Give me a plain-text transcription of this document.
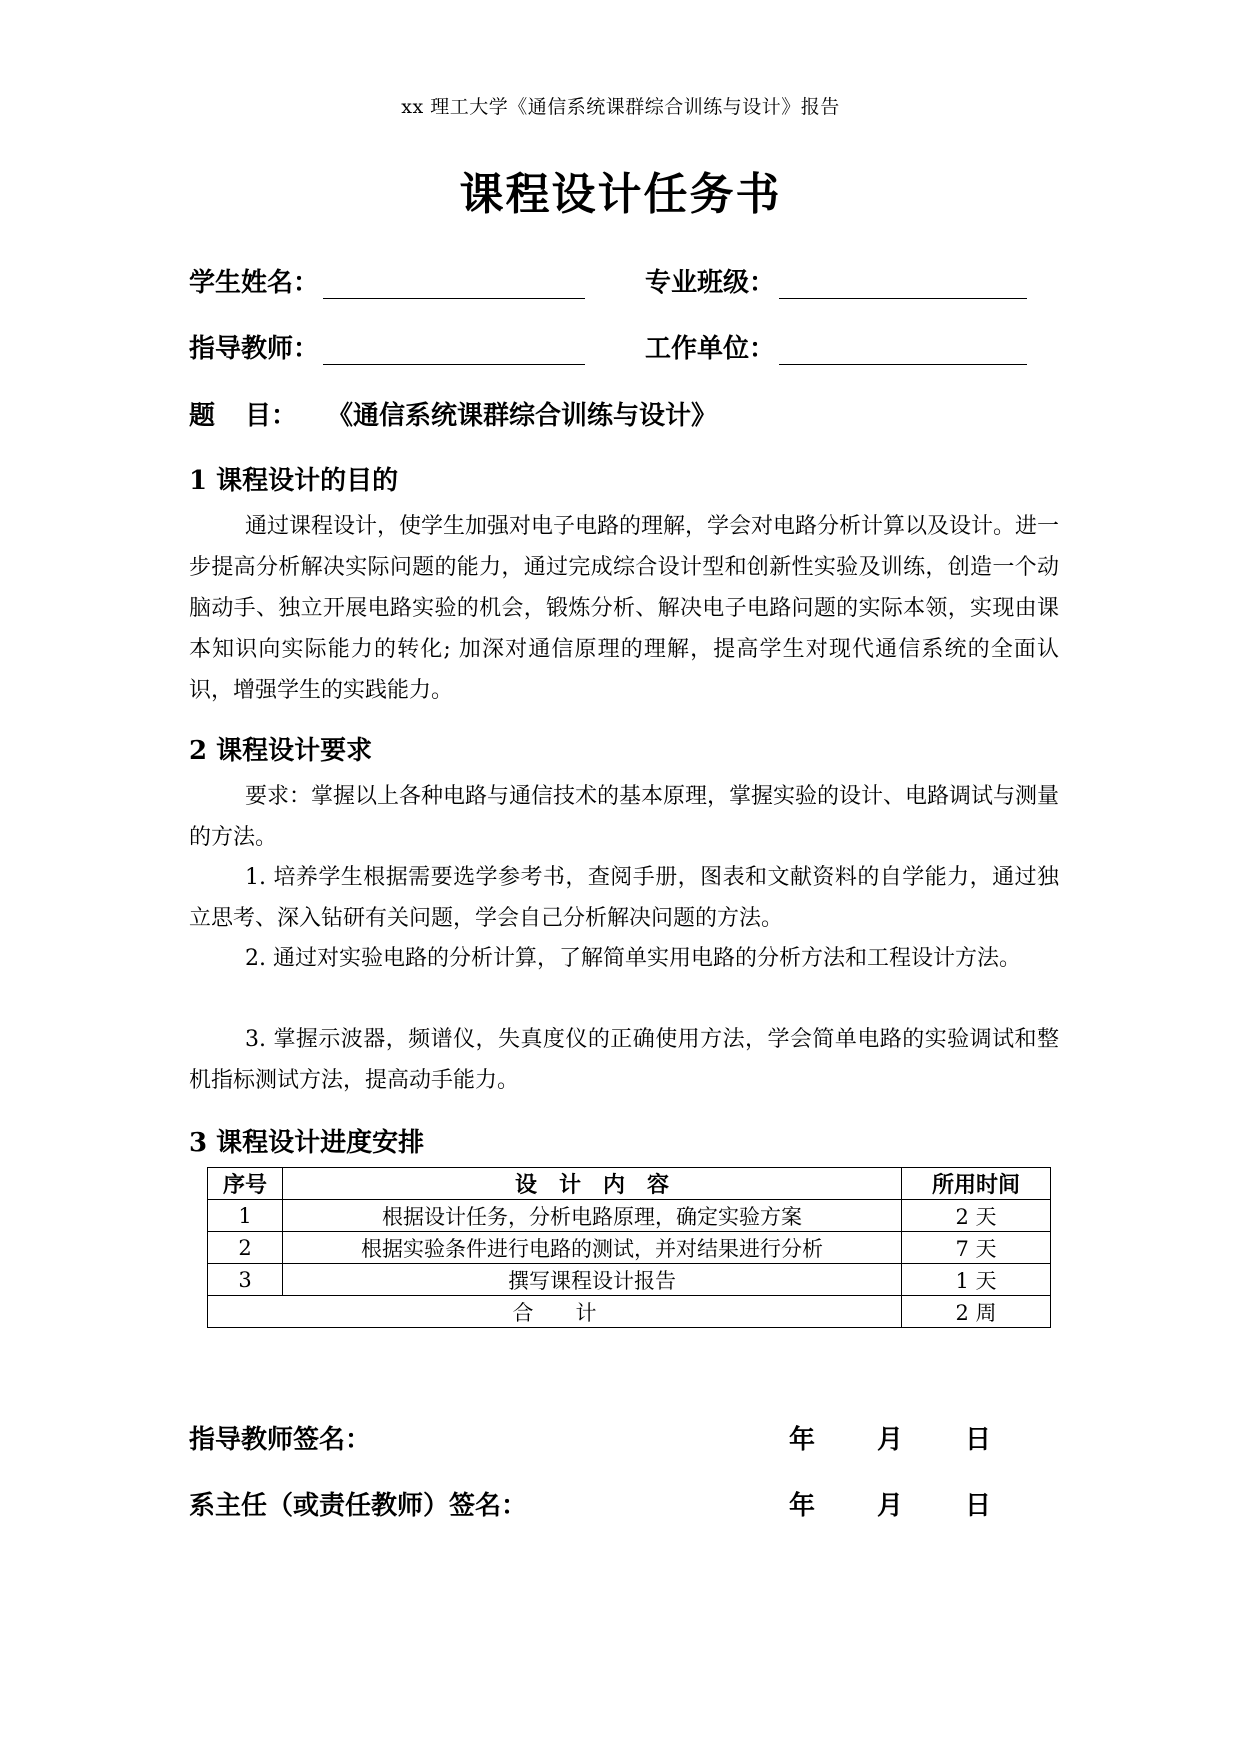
xx 理工大学《通信系统课群综合训练与设计》报告
课程设计任务书
学生姓名：	专业班级：
指导教师：	工作单位：
题 目： 《通信系统课群综合训练与设计》
1 课程设计的目的

通过课程设计，使学生加强对电子电路的理解，学会对电路分析计算以及设计。进一步提高分析解决实际问题的能力，通过完成综合设计型和创新性实验及训练，创造一个动脑动手、独立开展电路实验的机会，锻炼分析、解决电子电路问题的实际本领，实现由课本知识向实际能力的转化; 加深对通信原理的理解，提高学生对现代通信系统的全面认识，增强学生的实践能力。

2 课程设计要求

要求：掌握以上各种电路与通信技术的基本原理，掌握实验的设计、电路调试与测量的方法。

1. 培养学生根据需要选学参考书，查阅手册，图表和文献资料的自学能力，通过独立思考、深入钻研有关问题，学会自己分析解决问题的方法。

2. 通过对实验电路的分析计算，了解简单实用电路的分析方法和工程设计方法。

3. 掌握示波器，频谱仪，失真度仪的正确使用方法，学会简单电路的实验调试和整机指标测试方法，提高动手能力。

3 课程设计进度安排
序号	设　计　内　容	所用时间
1	根据设计任务，分析电路原理，确定实验方案	2 天
2	根据实验条件进行电路的测试，并对结果进行分析	7 天
3	撰写课程设计报告	1 天
合　　计		2 周
指导教师签名：	年 月 日
系主任（或责任教师）签名：	年 月 日
